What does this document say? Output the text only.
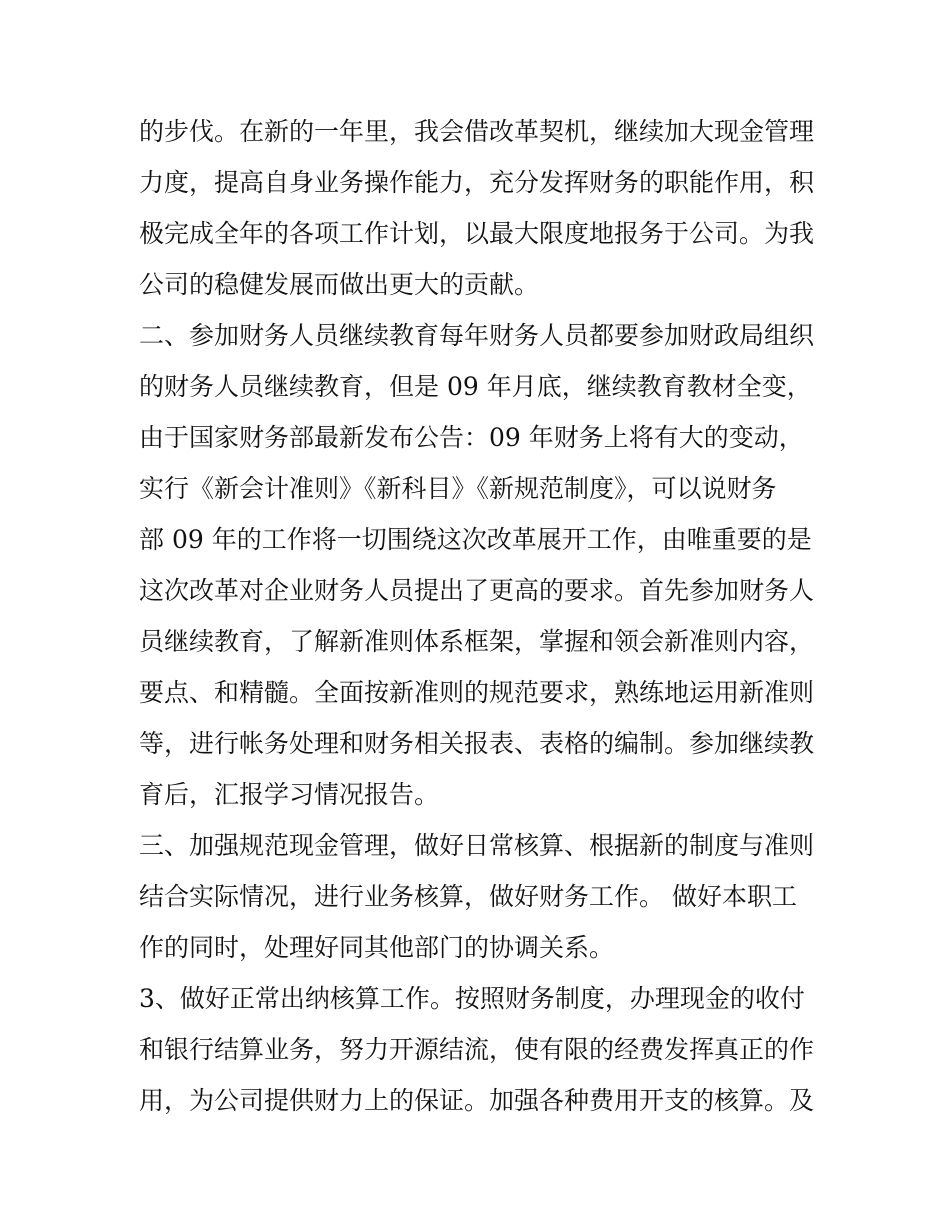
的步伐。在新的一年里，我会借改革契机，继续加大现金管理
力度，提高自身业务操作能力，充分发挥财务的职能作用，积
极完成全年的各项工作计划，以最大限度地报务于公司。为我
公司的稳健发展而做出更大的贡献。
二、参加财务人员继续教育每年财务人员都要参加财政局组织
的财务人员继续教育，但是 09 年月底，继续教育教材全变，
由于国家财务部最新发布公告：09 年财务上将有大的变动，
实行《新会计准则》《新科目》《新规范制度》，可以说财务
部 09 年的工作将一切围绕这次改革展开工作，由唯重要的是
这次改革对企业财务人员提出了更高的要求。首先参加财务人
员继续教育，了解新准则体系框架，掌握和领会新准则内容，
要点、和精髓。全面按新准则的规范要求，熟练地运用新准则
等，进行帐务处理和财务相关报表、表格的编制。参加继续教
育后，汇报学习情况报告。
三、加强规范现金管理，做好日常核算、根据新的制度与准则
结合实际情况，进行业务核算，做好财务工作。 做好本职工
作的同时，处理好同其他部门的协调关系。
3、做好正常出纳核算工作。按照财务制度，办理现金的收付
和银行结算业务，努力开源结流，使有限的经费发挥真正的作
用，为公司提供财力上的保证。加强各种费用开支的核算。及
